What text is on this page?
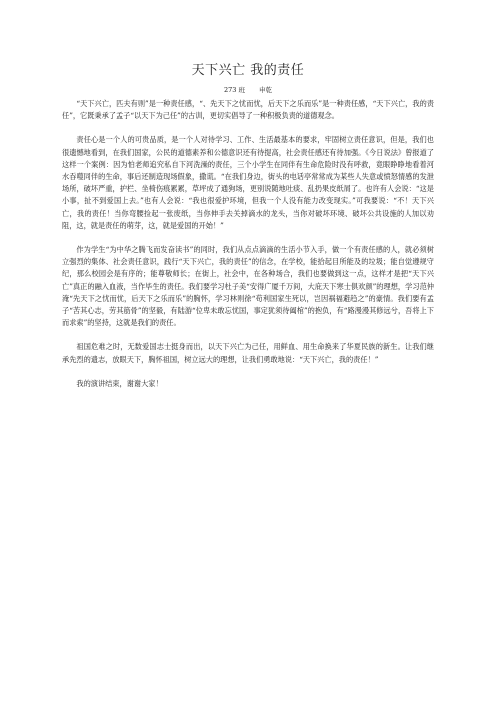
天下兴亡 我的责任
273 班 申乾

“天下兴亡，匹夫有则”是一种责任感，“、先天下之忧而忧，后天下之乐而乐”是一种责任感，“天下兴亡，我的责任”，它既秉承了孟子“以天下为己任”的古训，更切实倡导了一种积极负责的道德观念。

责任心是一个人的可贵品质，是一个人对待学习、工作、生活最基本的要求，牢固树立责任意识，但是，我们也很遗憾地看到，在我们国家，公民的道德素养和公德意识还有待提高，社会责任感还有待加强。《今日说法》曾报道了这样一个案例：因为怕老师追究私自下河洗澡的责任，三个小学生在同伴有生命危险时没有呼救，竟眼睁睁地看着河水吞噬同伴的生命，事后还制造现场假象，撒谎。“在我们身边，街头的电话亭常常成为某些人失意或愤怒情感的发泄场所，破坏严重，护栏、坐椅伤痕累累，草坪成了通狗场，更别说随地吐痰、乱扔果皮纸屑了。也许有人会说：“这是小事，扯不到爱国上去。”也有人会说：“我也很爱护环境，但我一个人没有能力改变现实。”可我要说：“不！天下兴亡，我的责任！当你弯腰捡起一张废纸，当你伸手去关掉滴水的龙头，当你对破坏环境、破坏公共设施的人加以劝阻，这，就是责任的萌芽，这，就是爱国的开始！”

作为学生“为中华之腾飞而发奋读书”的同时，我们从点点滴滴的生活小节入手，做一个有责任感的人，就必须树立强烈的集体、社会责任意识，践行“天下兴亡，我的责任”的信念，在学校，能拾起目所能及的垃圾；能自觉遵规守纪，那么校园会是有序的；能尊敬师长；在街上，社会中，在各种场合，我们也要做到这一点，这样才是把“天下兴亡”真正的融入血液，当作毕生的责任。我们要学习杜子美“安得广厦千万间，大庇天下寒士俱欢颜”的理想，学习范仲淹“先天下之忧而忧，后天下之乐而乐”的胸怀，学习林则徐“苟利国家生死以，岂因祸福避趋之”的豪情。我们要有孟子“苦其心志，劳其筋骨”的坚毅，有陆游“位卑未敢忘忧国，事定犹须待阖棺”的抱负，有“路漫漫其修远兮，吾将上下而求索”的坚持，这就是我们的责任。

祖国危难之时，无数爱国志士挺身而出，以天下兴亡为己任，用鲜血、用生命换来了华夏民族的新生。让我们继承先烈的遗志，放眼天下，胸怀祖国，树立远大的理想，让我们勇敢地说：“天下兴亡，我的责任！”

我的演讲结束，谢谢大家！
